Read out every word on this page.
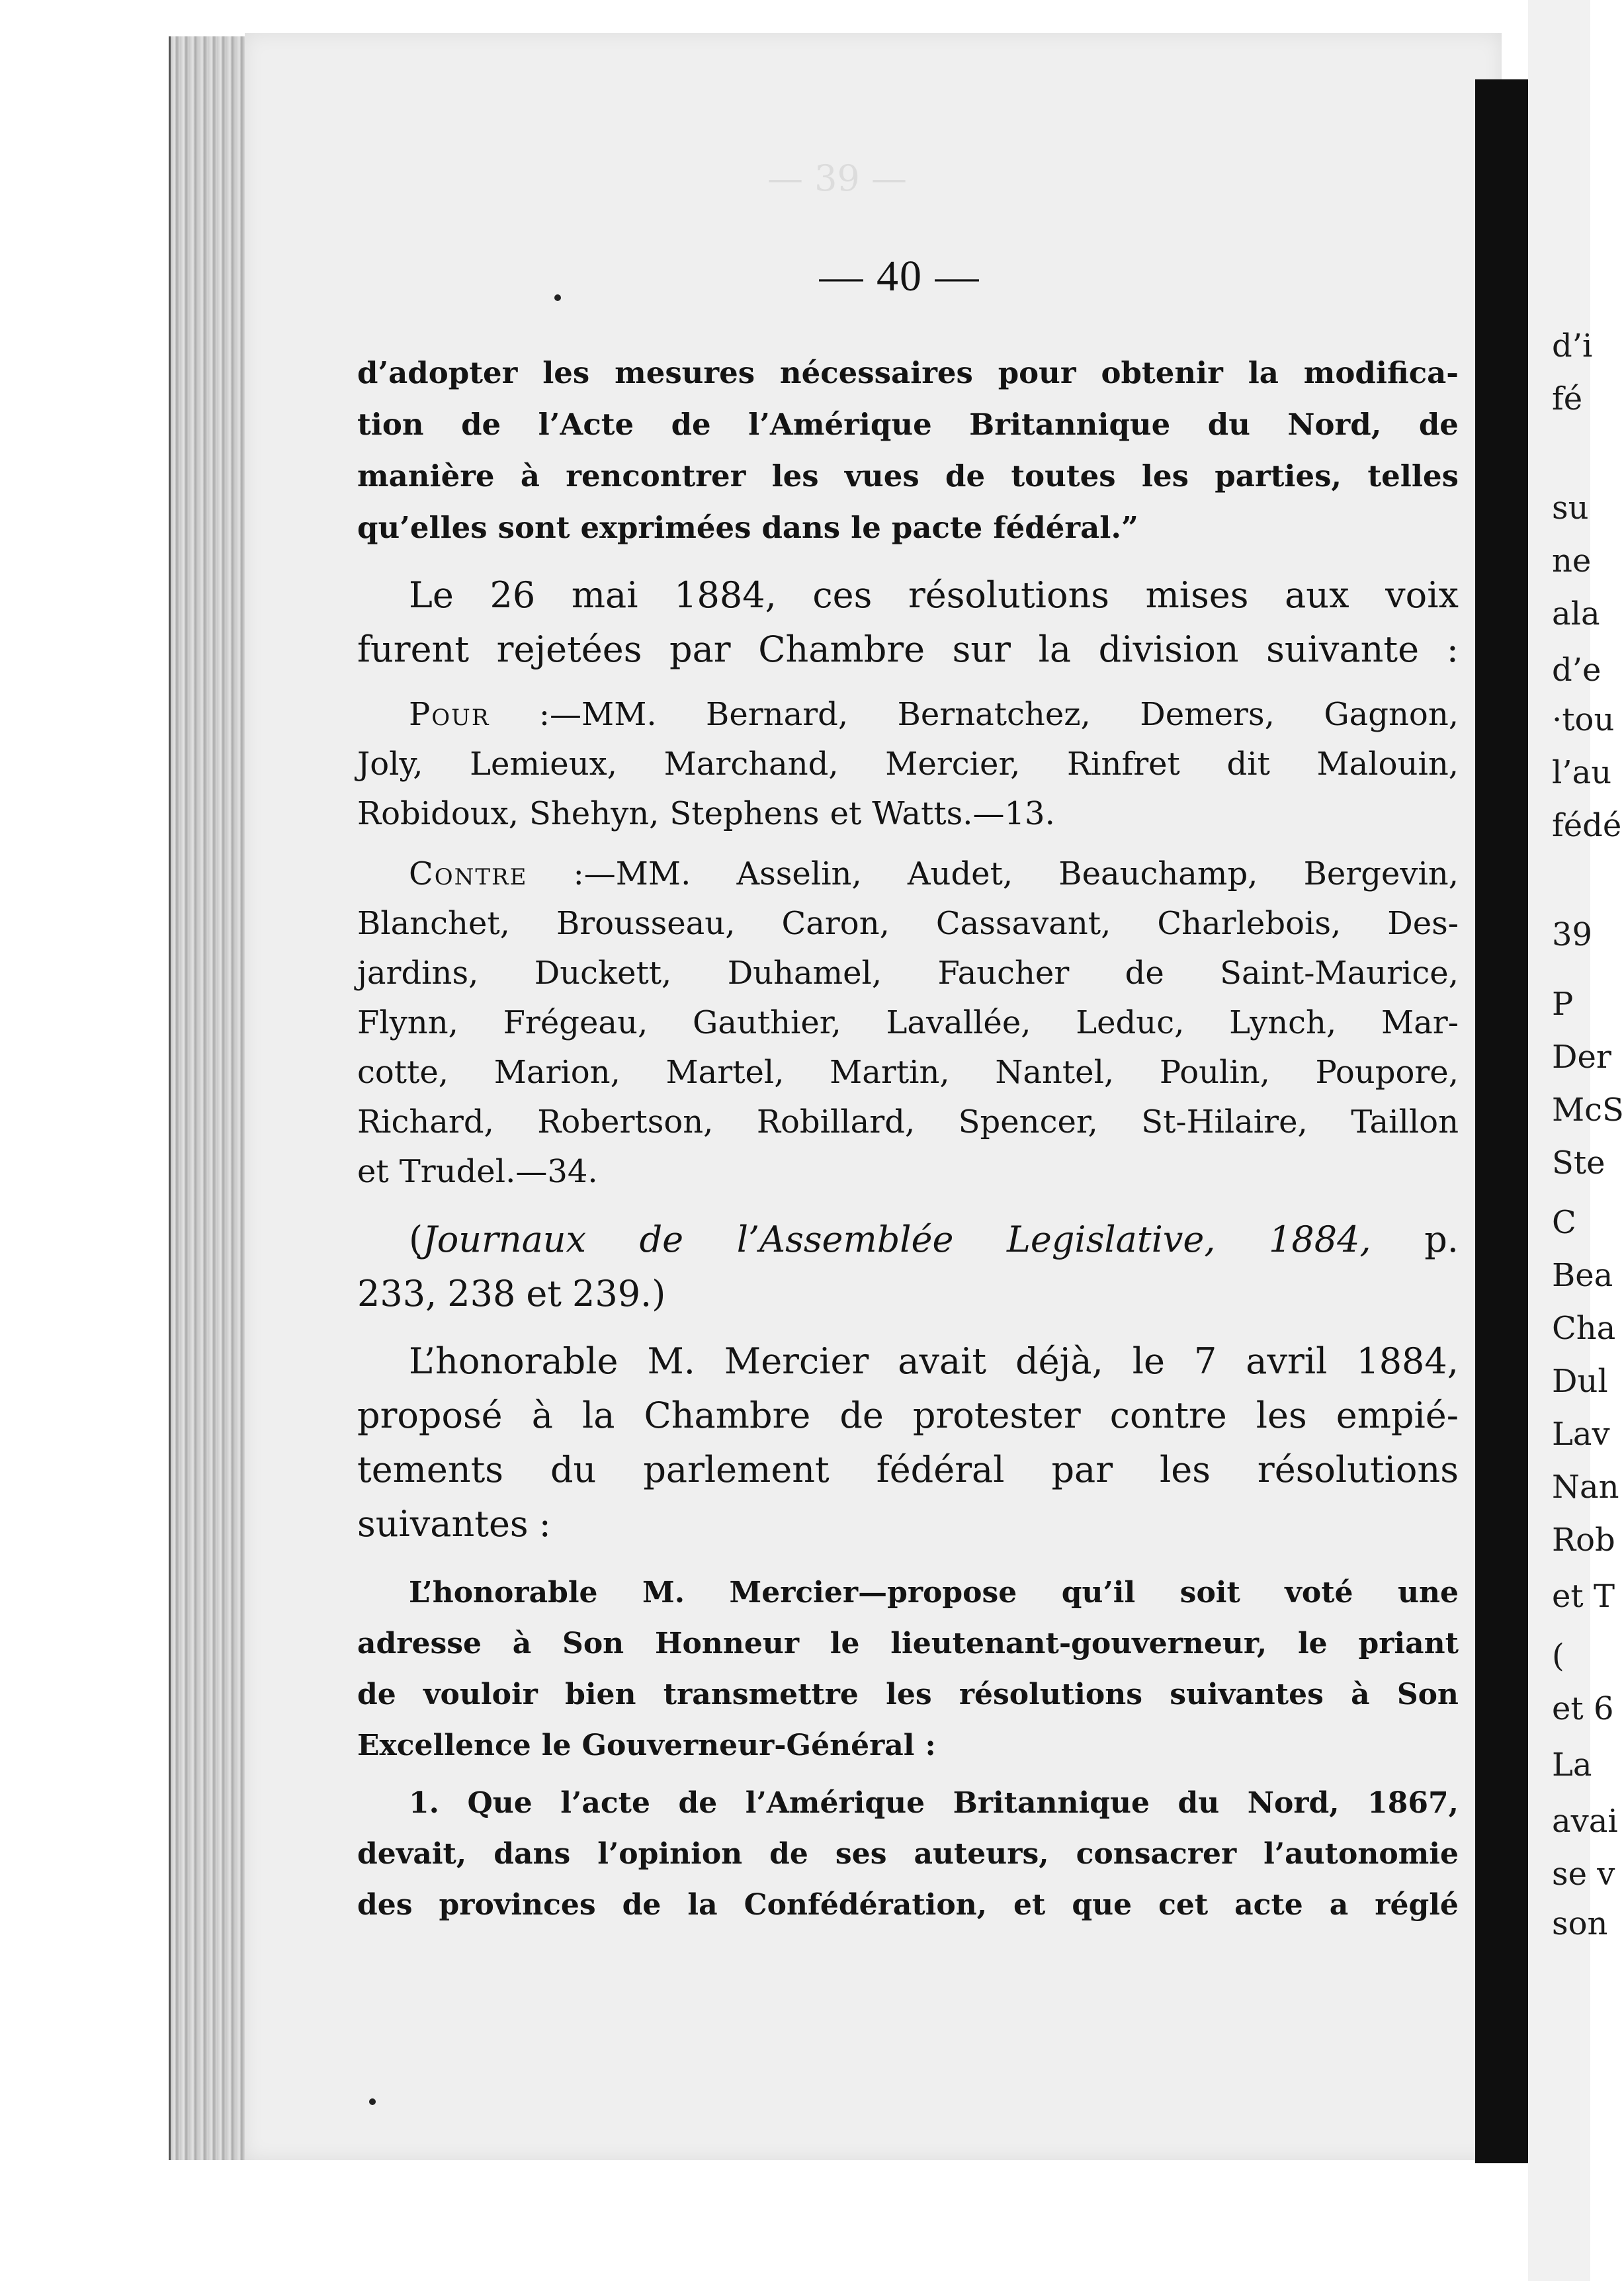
— 39 —
d’i
fé
su
ne
ala
d’e
·tou
l’au
fédé
39
P
Der
McS
Ste
C
Bea
Cha
Dul
Lav
Nan
Rob
et T
(
et 6
La
avai
se v
son
— 40 —
d’adopter les mesures nécessaires pour obtenir la modifica-
tion de l’Acte de l’Amérique Britannique du Nord, de
manière à rencontrer les vues de toutes les parties, telles
qu’elles sont exprimées dans le pacte fédéral.”
Le 26 mai 1884, ces résolutions mises aux voix
furent rejetées par Chambre sur la division suivante :
Pour :—MM. Bernard, Bernatchez, Demers, Gagnon,
Joly, Lemieux, Marchand, Mercier, Rinfret dit Malouin,
Robidoux, Shehyn, Stephens et Watts.—13.
Contre :—MM. Asselin, Audet, Beauchamp, Bergevin,
Blanchet, Brousseau, Caron, Cassavant, Charlebois, Des-
jardins, Duckett, Duhamel, Faucher de Saint-Maurice,
Flynn, Frégeau, Gauthier, Lavallée, Leduc, Lynch, Mar-
cotte, Marion, Martel, Martin, Nantel, Poulin, Poupore,
Richard, Robertson, Robillard, Spencer, St-Hilaire, Taillon
et Trudel.—34.
(Journaux de l’Assemblée Legislative, 1884, p.
233, 238 et 239.)
L’honorable M. Mercier avait déjà, le 7 avril 1884,
proposé à la Chambre de protester contre les empié-
tements du parlement fédéral par les résolutions
suivantes :
L’honorable M. Mercier—propose qu’il soit voté une
adresse à Son Honneur le lieutenant-gouverneur, le priant
de vouloir bien transmettre les résolutions suivantes à Son
Excellence le Gouverneur-Général :
1. Que l’acte de l’Amérique Britannique du Nord, 1867,
devait, dans l’opinion de ses auteurs, consacrer l’autonomie
des provinces de la Confédération, et que cet acte a réglé
